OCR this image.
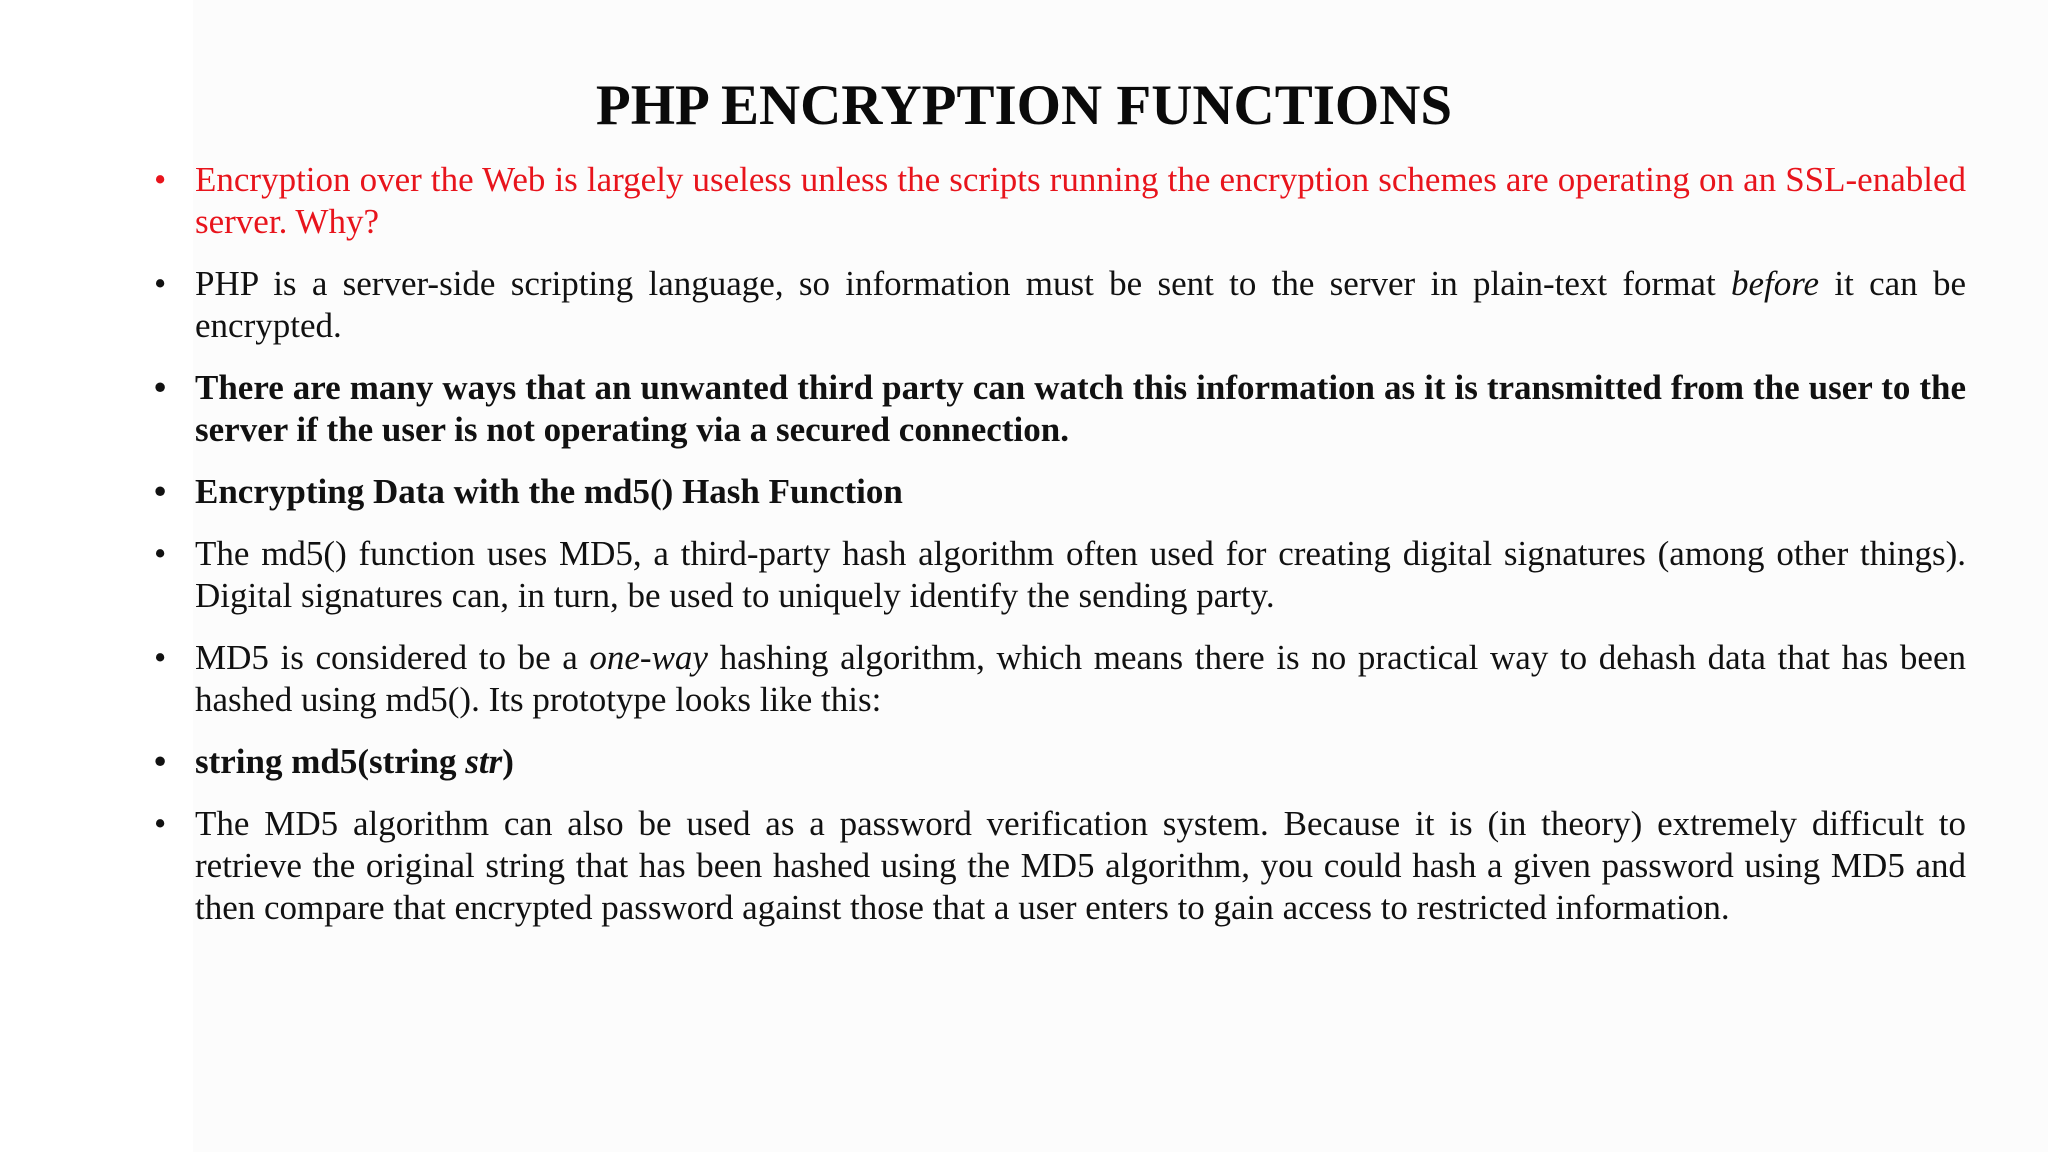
PHP ENCRYPTION FUNCTIONS
• Encryption over the Web is largely useless unless the scripts running the encryption schemes are operating on an SSL-enabled server. Why?
• PHP is a server-side scripting language, so information must be sent to the server in plain-text format before it can be encrypted.
• There are many ways that an unwanted third party can watch this information as it is transmitted from the user to the server if the user is not operating via a secured connection.
• Encrypting Data with the md5() Hash Function
• The md5() function uses MD5, a third-party hash algorithm often used for creating digital signatures (among other things). Digital signatures can, in turn, be used to uniquely identify the sending party.
• MD5 is considered to be a one-way hashing algorithm, which means there is no practical way to dehash data that has been hashed using md5(). Its prototype looks like this:
• string md5(string str)
• The MD5 algorithm can also be used as a password verification system. Because it is (in theory) extremely difficult to retrieve the original string that has been hashed using the MD5 algorithm, you could hash a given password using MD5 and then compare that encrypted password against those that a user enters to gain access to restricted information.
